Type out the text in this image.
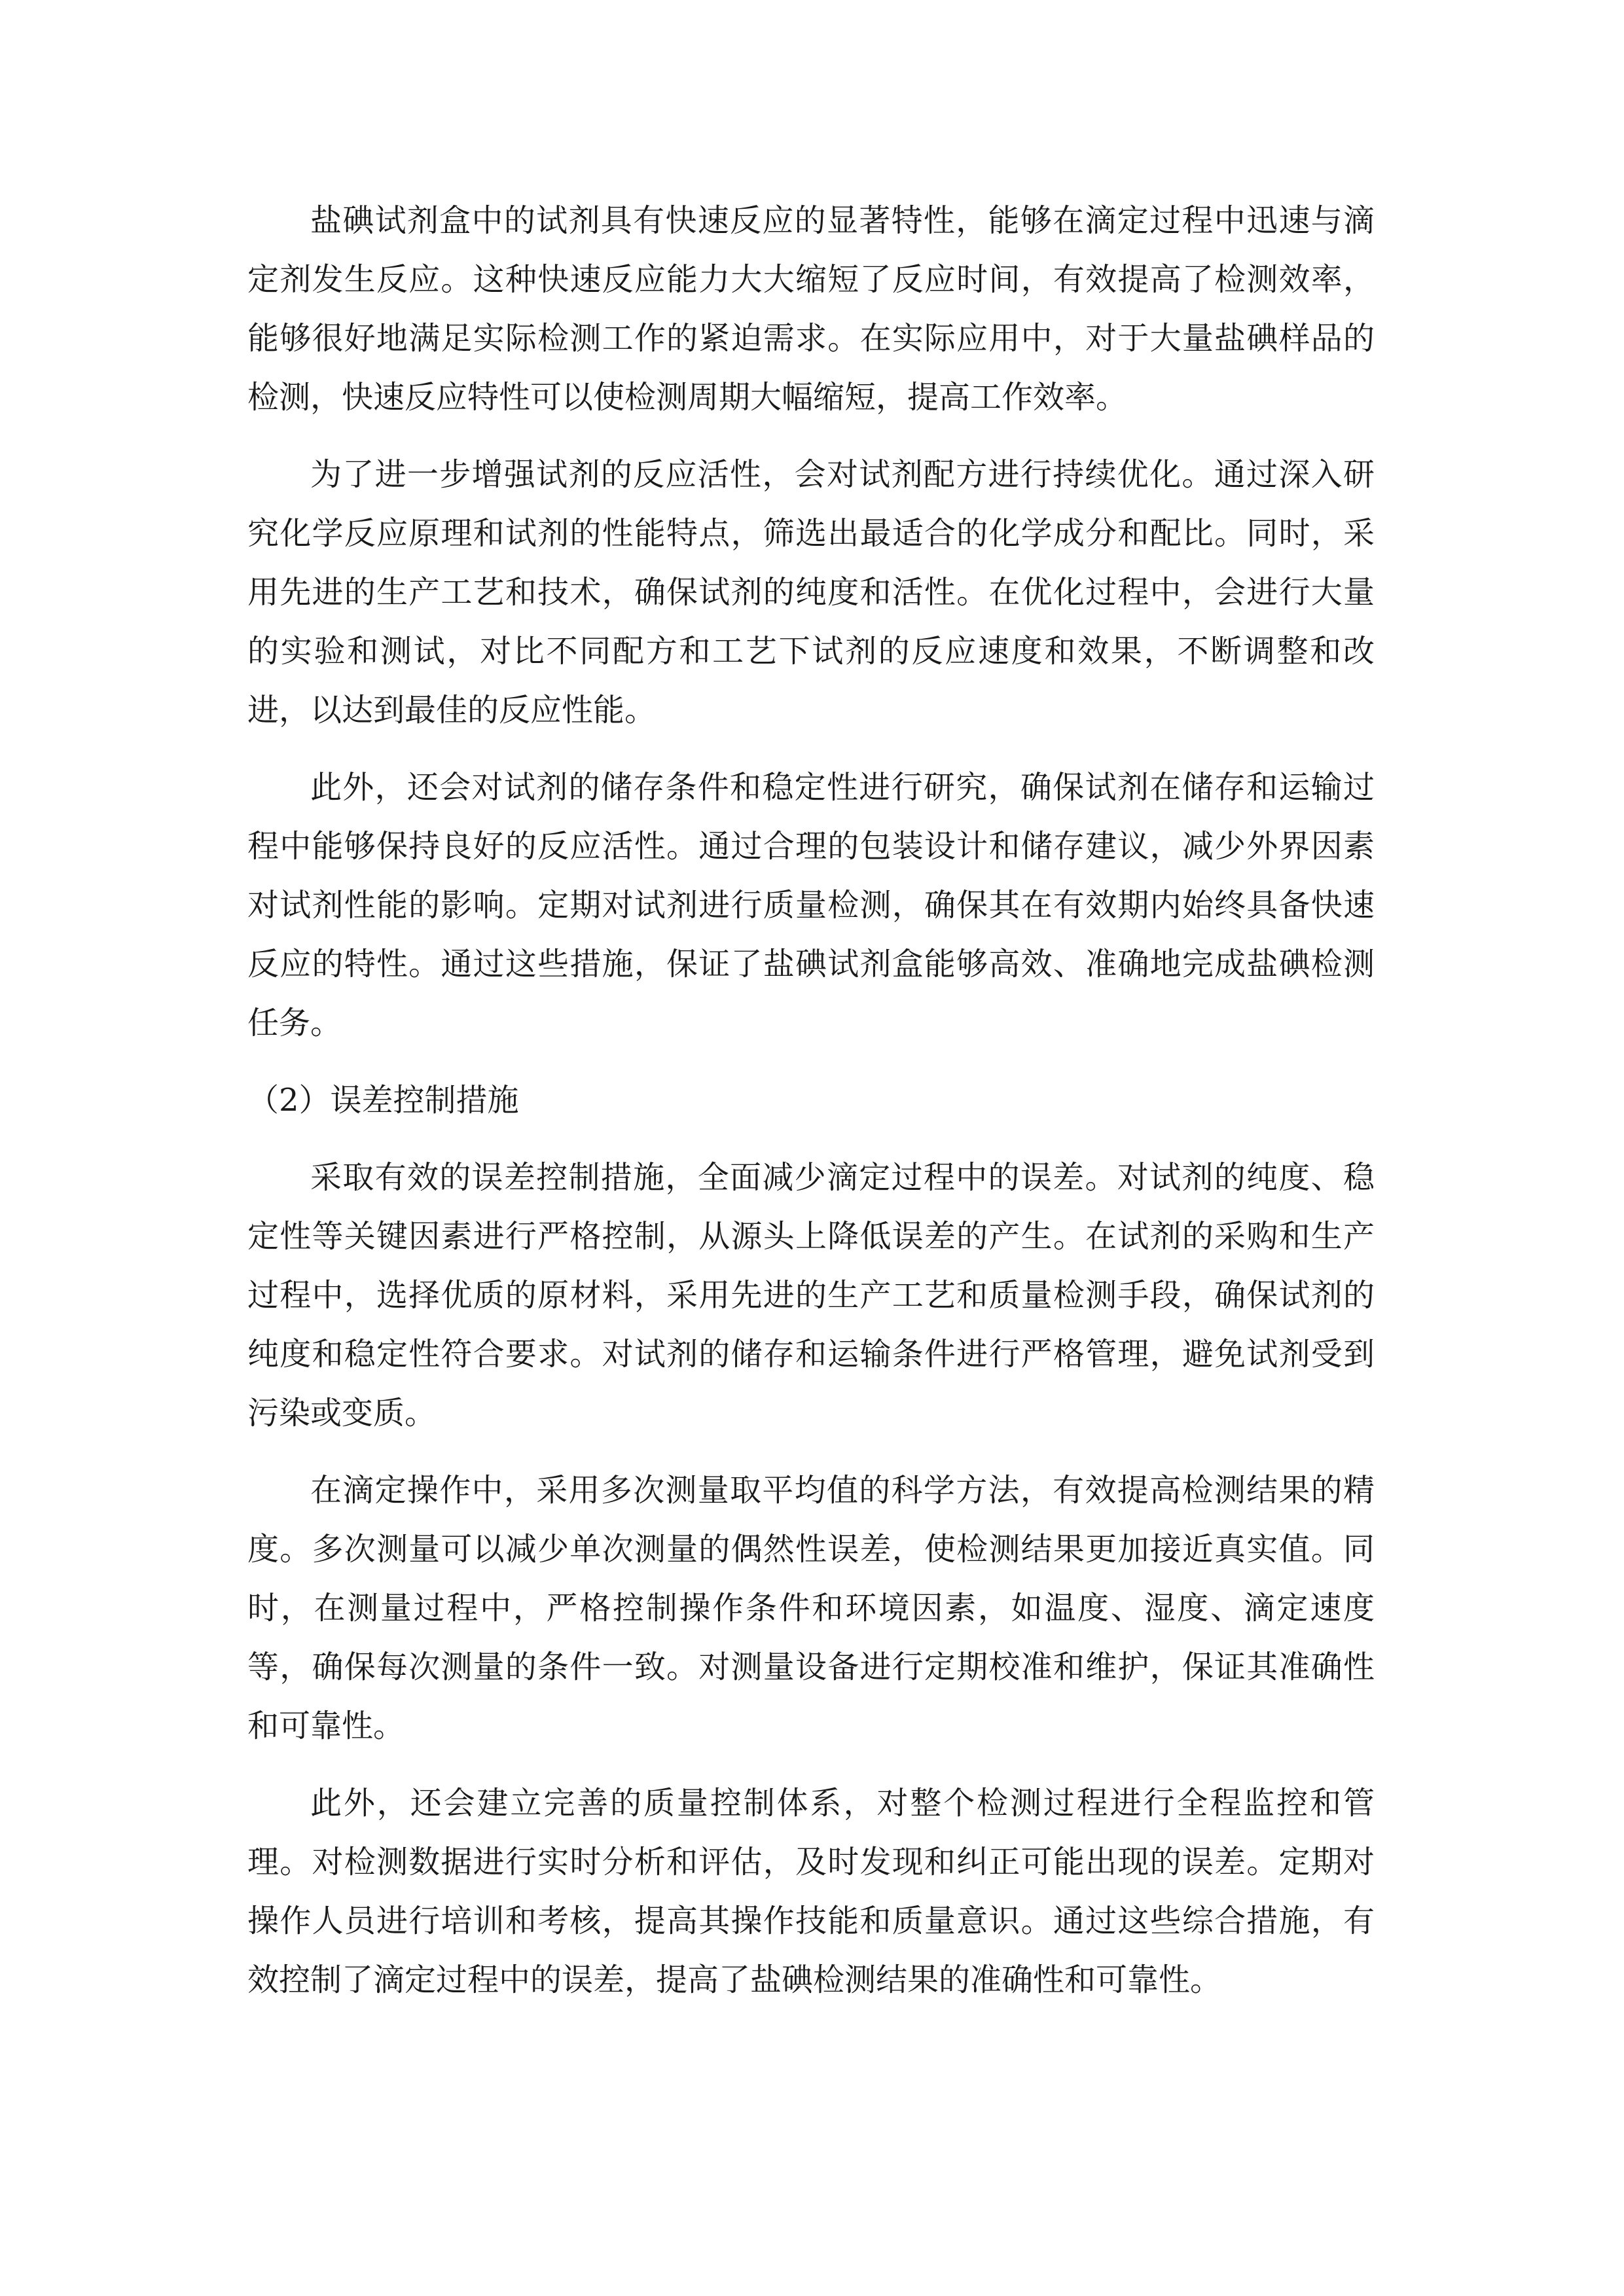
盐碘试剂盒中的试剂具有快速反应的显著特性，能够在滴定过程中迅速与滴定剂发生反应。这种快速反应能力大大缩短了反应时间，有效提高了检测效率，能够很好地满足实际检测工作的紧迫需求。在实际应用中，对于大量盐碘样品的检测，快速反应特性可以使检测周期大幅缩短，提高工作效率。

为了进一步增强试剂的反应活性，会对试剂配方进行持续优化。通过深入研究化学反应原理和试剂的性能特点，筛选出最适合的化学成分和配比。同时，采用先进的生产工艺和技术，确保试剂的纯度和活性。在优化过程中，会进行大量的实验和测试，对比不同配方和工艺下试剂的反应速度和效果，不断调整和改进，以达到最佳的反应性能。

此外，还会对试剂的储存条件和稳定性进行研究，确保试剂在储存和运输过程中能够保持良好的反应活性。通过合理的包装设计和储存建议，减少外界因素对试剂性能的影响。定期对试剂进行质量检测，确保其在有效期内始终具备快速反应的特性。通过这些措施，保证了盐碘试剂盒能够高效、准确地完成盐碘检测任务。

（2）误差控制措施

采取有效的误差控制措施，全面减少滴定过程中的误差。对试剂的纯度、稳定性等关键因素进行严格控制，从源头上降低误差的产生。在试剂的采购和生产过程中，选择优质的原材料，采用先进的生产工艺和质量检测手段，确保试剂的纯度和稳定性符合要求。对试剂的储存和运输条件进行严格管理，避免试剂受到污染或变质。

在滴定操作中，采用多次测量取平均值的科学方法，有效提高检测结果的精度。多次测量可以减少单次测量的偶然性误差，使检测结果更加接近真实值。同时，在测量过程中，严格控制操作条件和环境因素，如温度、湿度、滴定速度等，确保每次测量的条件一致。对测量设备进行定期校准和维护，保证其准确性和可靠性。

此外，还会建立完善的质量控制体系，对整个检测过程进行全程监控和管理。对检测数据进行实时分析和评估，及时发现和纠正可能出现的误差。定期对操作人员进行培训和考核，提高其操作技能和质量意识。通过这些综合措施，有效控制了滴定过程中的误差，提高了盐碘检测结果的准确性和可靠性。
